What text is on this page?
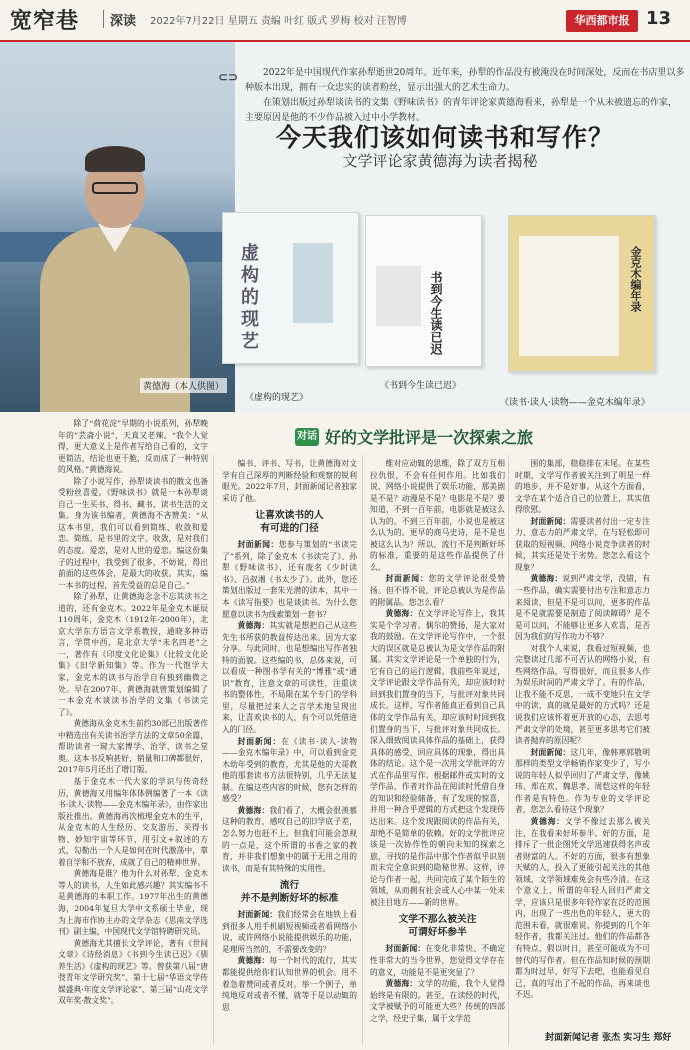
宽窄巷 深读 2022年7月22日 星期五 责编 叶红 版式 罗梅 校对 汪智博	华西都市报 13
黄德海（本人供图）
⊂⊃	2022年是中国现代作家孙犁逝世20周年。近年来，孙犁的作品没有被淹没在时间深处，反而在书店里以多种版本出现，拥有一众忠实的读者粉丝，显示出强大的艺术生命力。

在策划出版过孙犁谈读书的文集《野味读书》的青年评论家黄德海看来，孙犁是一个从未被遗忘的作家，主要原因是他的不少作品被入过中小学教材。

今天我们该如何读书和写作？
文学评论家黄德海为读者揭秘
虚构的现艺	书到今生读已迟	金克木编年录
《虚构的现艺》
《书到今生读已迟》
《读书·读人·读物——金克木编年录》
对话 好的文学批评是一次探索之旅

除了“荷花淀”早期的小说系列，孙犁晚年的“芸斋小说”，天真又老辣。“我个人觉得，更大意义上是作者写给自己看的，文字更简洁，结论也更干脆，反而成了一种特别的风格。”黄德海说。

除了小说写作，孙犁谈读书的散文也备受粉丝喜爱。《野味读书》就是一本孙犁谈自己一生买书、得书、藏书、读书生活的文集。身为该书编者，黄德海不吝赞美：“从这本书里，我们可以看到简练、收敛和爱恋。简练，是书里的文字。收敛，是对我们的态度。爱恋，是对人世的爱恋。编这份集子的过程中，我受到了很多，不妨说，得出前面的这些体会，是最大的收获。其实，编一本书的过程，首先受益的总是自己。”

除了孙犁，让黄德海念念不忘其读书之道的，还有金克木。2022年是金克木诞辰110周年，金克木（1912年-2000年），北京大学东方语言文学系教授，通晓多种语言，学贯中西，是北京大学“未名四老”之一，著作有《印度文化论集》《比较文化论集》《旧学新知集》等。作为一代饱学大家，金克木的读书与治学自有独到幽微之处。早在2007年，黄德海就曾策划编辑了一本金克木谈读书治学的文集《书读完了》。

黄德海从金克木生前约30部已出版著作中精选出有关读书治学方法的文章50余篇，帮助读者一窥大家博学、治学、读书之堂奥。这本书反响甚好，销量和口碑都很好，2017年5月还出了增订版。

基于金克木一代大家的学识与传奇经历，黄德海又用编年体体例编著了一本《读书·读人·读物——金克木编年录》，由作家出版社推出。黄德海再次梳理金克木的生平，从金克木的人生经历、交友游历、买得书物、妙知宇宙等环节，用引文+叙述的方式，勾勒出一个人是如何在时代激荡中，靠着自学和不放弃，成就了自己的精神世界。

黄德海是谁？他为什么对孙犁、金克木等人的读书，人生如此感兴趣？其实编书不是黄德海的本职工作。1977年出生的黄德海，2004年复旦大学中文系硕士毕业，现为上海市作协主办的文学杂志《思南文学选刊》副主编，中国现代文学馆特聘研究员。

黄德海尤其擅长文学评论，著有《世间文章》《诗经消息》《书到今生读已迟》《驯养生活》《虚构的现艺》等。曾获第八届“唐弢青年文学研究奖”、第十七届“华语文学传媒盛典·年度文学评论家”、第三届“山花文学双年奖·散文奖”。

编书、评书、写书，让黄德海对文学有自己深厚的判断经验和观察的锐利眼光。2022年7月，封面新闻记者独家采访了他。

让喜欢读书的人
有可进的门径

封面新闻：您参与策划的“书读完了”系列，除了金克木《书读完了》、孙犁《野味读书》，还有废名《少时读书》、吕叔湘《书太少了》。此外，您还策划出版过一套朱光潜的读本，其中一本《读写指要》也是谈读书。为什么您愿意以读书为线索策划一套书？

黄德海：其实就是想把自己从这些先生书所获的教益传达出来。因为大家分享。与此同时，也是想编出写作者独特的面貌。这些编的书，总体来说，可以看成一种图书学有关的“博雅”或“通识”教育，注意文章的可读性，注重读书的整体性，不局限在某个专门的学科里，尽量把过来人之言学术地呈现出来，让喜欢读书的人，有个可以凭借进入的门径。

封面新闻：在《读书·读人·读物——金克木编年录》中，可以看到金克木幼年受到的教育，尤其是他的大哥教他的那套读书方法很特别，几乎无法复制。在编这些内容的时候，您有怎样的感受？

黄德海：我们看了，大概会很羡慕这种的教育，感叹自己的旧学底子差，怎么努力也赶不上。但我们可能会忽视的一点是，这个所谓的书香之家的教育，并非我们想象中的属于无用之用的读书，而是有其特殊的实用性。

流行
并不是判断好坏的标准

封面新闻：我们经常会在地铁上看到很多人用手机刷短视频或者看网络小说，或许网络小说能提供娱乐的功能，是理所当然的，不需要改变的？

黄德海：每一个时代的流行，其实都能提供给你们认知世界的机会。用不着急着赞同或者反对。举一个例子，单纯地反对或者不懂，就等于是以动辄的思

维对应动辄的思维，除了双方互相拉仇恨，不会有任何作用。比如我们说，网络小说提供了娱乐功能，那美剧是不是？动漫是不是？电影是不是？要知道，不到一百年前，电影就是被这么认为的。不到三百年前，小说也是被这么认为的。更早的商马史诗，是不是也被这么认为？所以，流行不是判断好坏的标准，重要的是这些作品提供了什么。

封面新闻：您的文学评论很受赞扬。但不得不说，评论总被认为是作品的附属品。您怎么看？

黄德海：在文学评论写作上，我其实是个学习者。偶尔的赞扬，是大家对我的鼓励。在文学评论写作中，一个很大的误区就是总被认为是文学作品的附属。其实文学评论是一个单独的行为，它有自己的运行逻辑。我前些年说过，文学评论跟文学作品有关，却应该时时回到我们置身的当下，与批评对象共同成长。这样，写作者能真正看到自己具体的文学作品有关，却应该时时回到我们置身的当下，与批评对象共同成长。深入细致阅读具体作品的基础上，获得具体的感受，回应具体的现象，得出具体的结论。这个是一次用文学批评的方式在作品里写作。根据邮件或实时的文学作品，作者对作品在阅读时凭借自身的知识和经验储备，有了发现的惊喜，并用一种合乎逻辑的方式把这个发现传达出来。这个发现跟阅读的作品有关，却绝不是简单的依赖。好的文学批评应该是一次协作性的朝向未知的探索之旅，寻找的是作品中那个作者似乎识别而未完全意识到的隐秘世界。这样，评论与作者一起，共同完成了某个陌生的领域，从而拥有社会或人心中某一处未被注目地方——新的世界。

文学不那么被关注
可谓好坏参半

封面新闻：在变化非常快、不确定性非常大的当今世界，您觉得文学存在的意义，功能是不是更突显了？

黄德海：文学的功能，我个人觉得始终是有限的。甚至，在读经的时代，文学被赋予的可能更大些？传统的四部之学，经史子集，属于文学范

围的集部，稳稳排在末尾。在某些时期，文学写作者被关注到了明星一样的地步，并不是好事。从这个方面看，文学在某个适合自己的位置上，其实值得欣慰。

封面新闻：需要读者付出一定专注力、意志力的严肃文学，在与轻松即可获取的短视频、网络小说竞争读者的时候，其实还是处于劣势。您怎么看这个现象？

黄德海：说到严肃文学，没错，有一些作品，确实需要付出专注和意志力来阅读，但是不是可以问，更多的作品是不是就需要是制造了阅读障碍？是不是可以问，不能够让更多人欢喜，是否因为我们的写作功力不够？

对我个人来说，我看过短视频，也完整读过几部不可否认的网络小说，有些网络作品，写得很好，而且很多人作为娱乐时间的严肃文学了。有的作品，让我不能不反思，一成不变地只在文学中的读，真的就是最好的方式吗？还是说我们应该怀着更开放的心态，去思考严肃文学的处境，甚至更多思考它们被读者抛弃的原因呢？

封面新闻：这几年，像韩寒郭敬明那样的类型文学畅销作家变少了，写小说的年轻人似乎回归了严肃文学，像姚玮、郑在欢、魏思孝、周恺这样的年轻作者是有特色。作为专业的文学评论者，您怎么看待这个现象？

黄德海：文学不像过去那么被关注，在我看来好坏参半。好的方面，是排斥了一批企图凭文学迅速获得名声或者财富的人。不好的方面，很多有想象天赋的人，投入了更能引起关注的其他领域，文学领域难免会有些冷清。在这个意义上，所谓的年轻人回归严肃文学，应该只是很多年轻作家在泛的范围内，出现了一些出色的年轻人，更大的范围未看，就很难说。你提到的几个年轻作者，我都关注过。他们的作品都各有特点，假以时日，甚至可能成为不可替代的写作者。但在作品知时候的预期都为时过早，好写下去吧，也能看见自己，真的写出了不起的作品，再来谈也不迟。

封面新闻记者 张杰 实习生 郑好
